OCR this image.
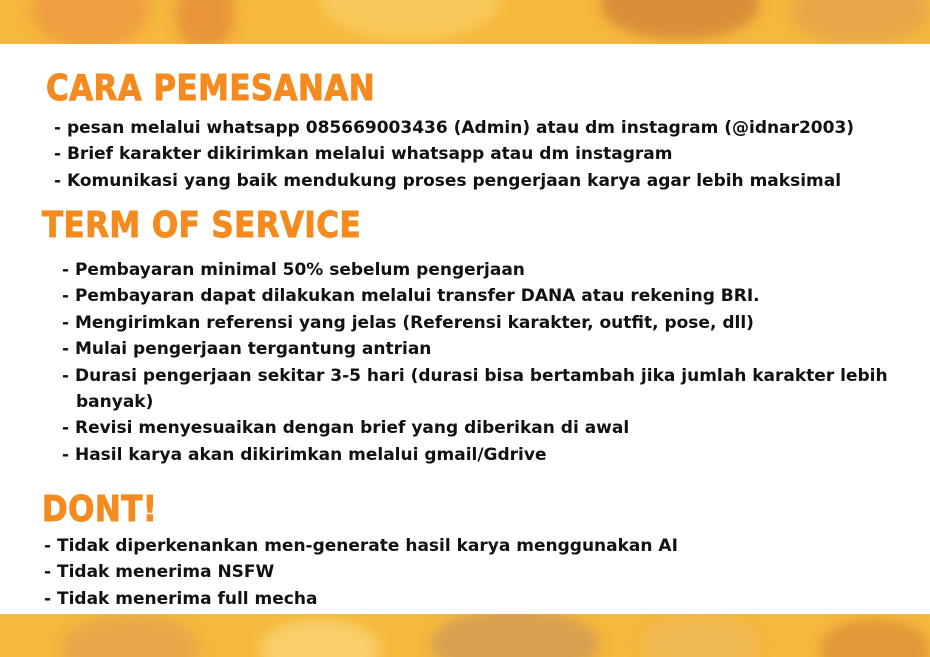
CARA PEMESANAN
- pesan melalui whatsapp 085669003436 (Admin) atau dm instagram (@idnar2003)
- Brief karakter dikirimkan melalui whatsapp atau dm instagram
- Komunikasi yang baik mendukung proses pengerjaan karya agar lebih maksimal
TERM OF SERVICE
- Pembayaran minimal 50% sebelum pengerjaan
- Pembayaran dapat dilakukan melalui transfer DANA atau rekening BRI.
- Mengirimkan referensi yang jelas (Referensi karakter, outfit, pose, dll)
- Mulai pengerjaan tergantung antrian
- Durasi pengerjaan sekitar 3-5 hari (durasi bisa bertambah jika jumlah karakter lebih banyak)
- Revisi menyesuaikan dengan brief yang diberikan di awal
- Hasil karya akan dikirimkan melalui gmail/Gdrive
DONT!
- Tidak diperkenankan men-generate hasil karya menggunakan AI
- Tidak menerima NSFW
- Tidak menerima full mecha
